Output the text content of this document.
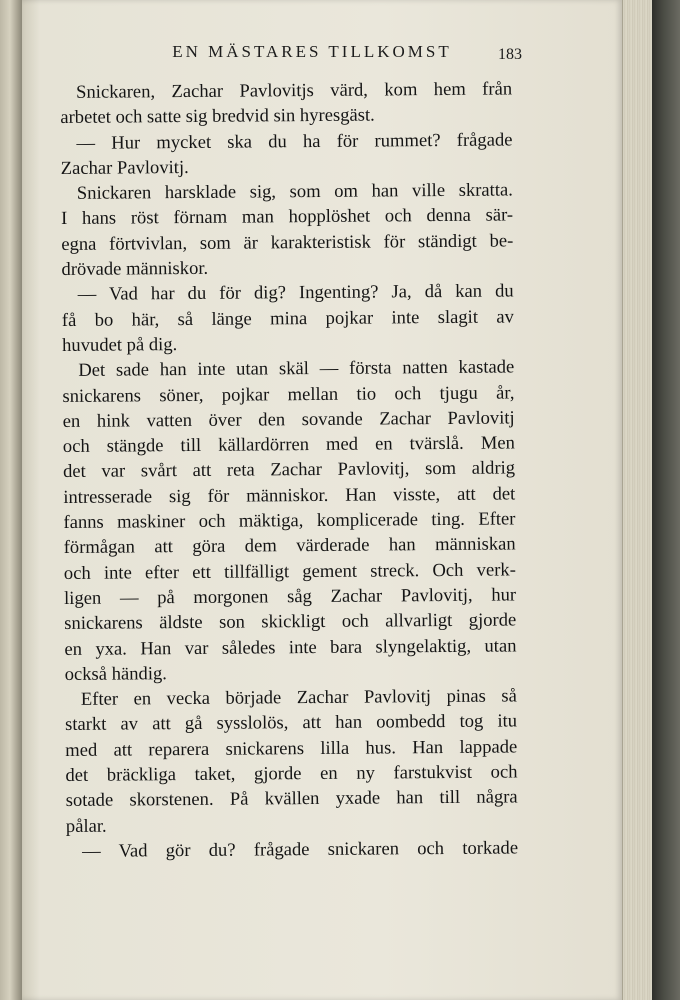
EN MÄSTARES TILLKOMST	183
Snickaren, Zachar Pavlovitjs värd, kom hem från
arbetet och satte sig bredvid sin hyresgäst.
— Hur mycket ska du ha för rummet? frågade
Zachar Pavlovitj.
Snickaren harsklade sig, som om han ville skratta.
I hans röst förnam man hopplöshet och denna sär-
egna förtvivlan, som är karakteristisk för ständigt be-
drövade människor.
— Vad har du för dig? Ingenting? Ja, då kan du
få bo här, så länge mina pojkar inte slagit av
huvudet på dig.
Det sade han inte utan skäl — första natten kastade
snickarens söner, pojkar mellan tio och tjugu år,
en hink vatten över den sovande Zachar Pavlovitj
och stängde till källardörren med en tvärslå. Men
det var svårt att reta Zachar Pavlovitj, som aldrig
intresserade sig för människor. Han visste, att det
fanns maskiner och mäktiga, komplicerade ting. Efter
förmågan att göra dem värderade han människan
och inte efter ett tillfälligt gement streck. Och verk-
ligen — på morgonen såg Zachar Pavlovitj, hur
snickarens äldste son skickligt och allvarligt gjorde
en yxa. Han var således inte bara slyngelaktig, utan
också händig.
Efter en vecka började Zachar Pavlovitj pinas så
starkt av att gå sysslolös, att han oombedd tog itu
med att reparera snickarens lilla hus. Han lappade
det bräckliga taket, gjorde en ny farstukvist och
sotade skorstenen. På kvällen yxade han till några
pålar.
— Vad gör du? frågade snickaren och torkade
